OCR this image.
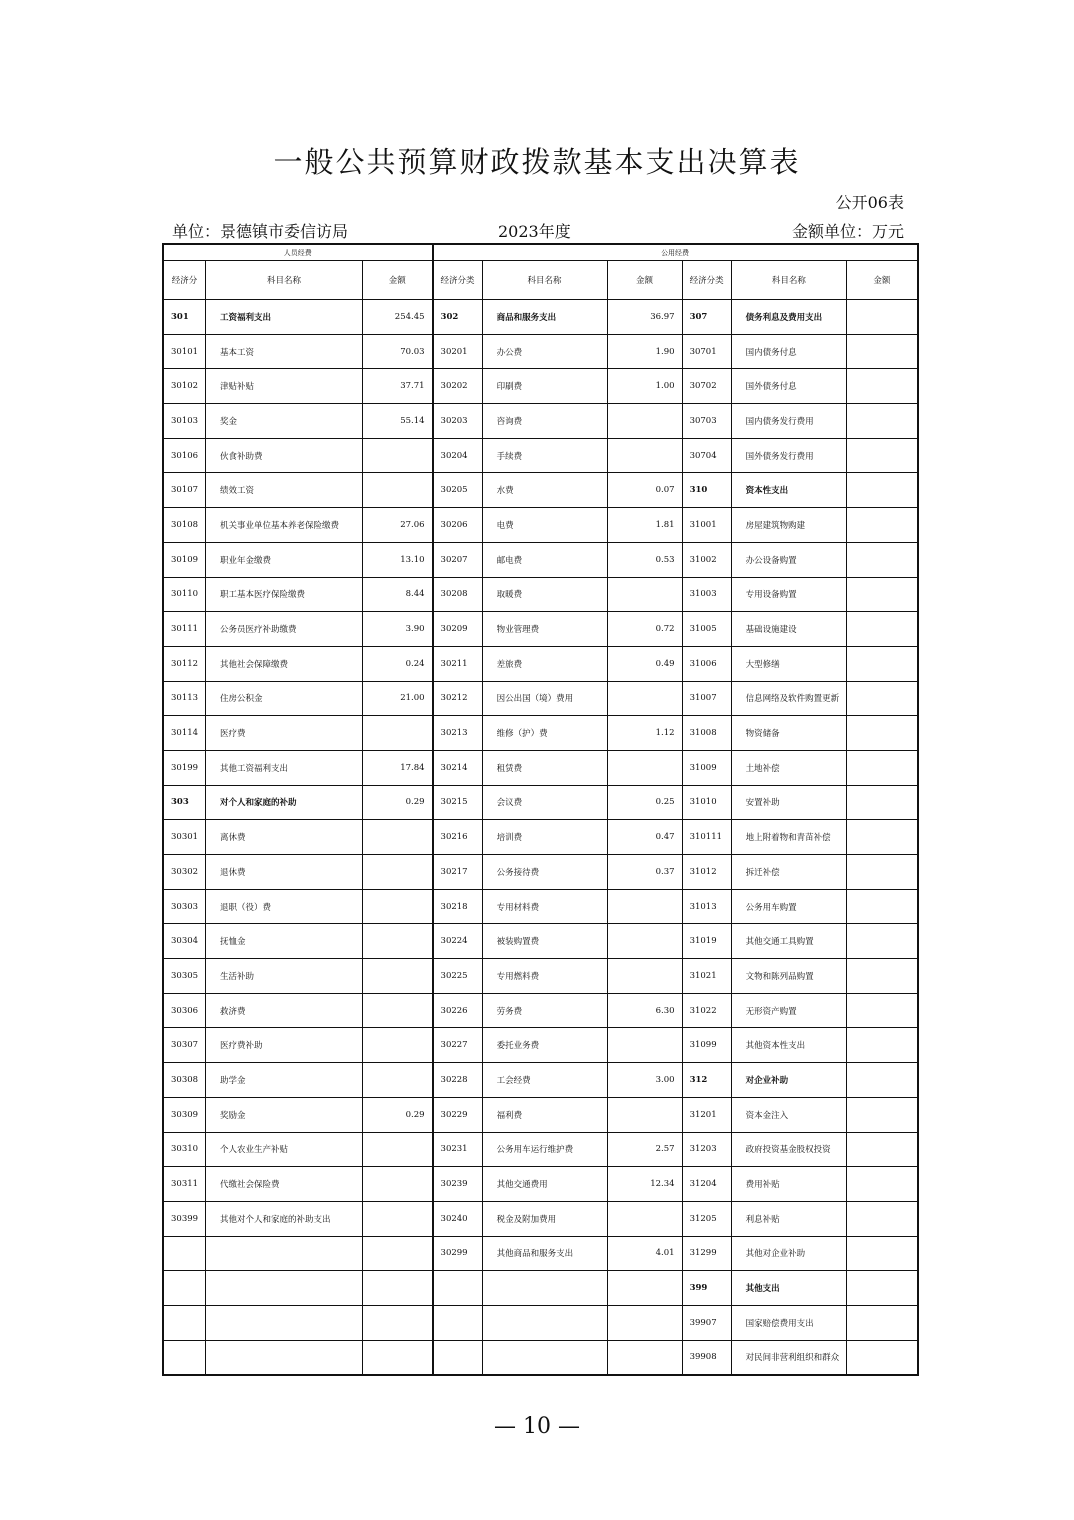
一般公共预算财政拨款基本支出决算表
公开06表
单位：景德镇市委信访局	2023年度	金额单位：万元
人员经费			公用经费					
经济分	科目名称	金额	经济分类	科目名称	金额	经济分类	科目名称	金额
301	工资福利支出	254.45	302	商品和服务支出	36.97	307	债务利息及费用支出	
30101	基本工资	70.03	30201	办公费	1.90	30701	国内债务付息	
30102	津贴补贴	37.71	30202	印刷费	1.00	30702	国外债务付息	
30103	奖金	55.14	30203	咨询费		30703	国内债务发行费用	
30106	伙食补助费		30204	手续费		30704	国外债务发行费用	
30107	绩效工资		30205	水费	0.07	310	资本性支出	
30108	机关事业单位基本养老保险缴费	27.06	30206	电费	1.81	31001	房屋建筑物购建	
30109	职业年金缴费	13.10	30207	邮电费	0.53	31002	办公设备购置	
30110	职工基本医疗保险缴费	8.44	30208	取暖费		31003	专用设备购置	
30111	公务员医疗补助缴费	3.90	30209	物业管理费	0.72	31005	基础设施建设	
30112	其他社会保障缴费	0.24	30211	差旅费	0.49	31006	大型修缮	
30113	住房公积金	21.00	30212	因公出国（境）费用		31007	信息网络及软件购置更新	
30114	医疗费		30213	维修（护）费	1.12	31008	物资储备	
30199	其他工资福利支出	17.84	30214	租赁费		31009	土地补偿	
303	对个人和家庭的补助	0.29	30215	会议费	0.25	31010	安置补助	
30301	离休费		30216	培训费	0.47	310111	地上附着物和青苗补偿	
30302	退休费		30217	公务接待费	0.37	31012	拆迁补偿	
30303	退职（役）费		30218	专用材料费		31013	公务用车购置	
30304	抚恤金		30224	被装购置费		31019	其他交通工具购置	
30305	生活补助		30225	专用燃料费		31021	文物和陈列品购置	
30306	救济费		30226	劳务费	6.30	31022	无形资产购置	
30307	医疗费补助		30227	委托业务费		31099	其他资本性支出	
30308	助学金		30228	工会经费	3.00	312	对企业补助	
30309	奖励金	0.29	30229	福利费		31201	资本金注入	
30310	个人农业生产补贴		30231	公务用车运行维护费	2.57	31203	政府投资基金股权投资	
30311	代缴社会保险费		30239	其他交通费用	12.34	31204	费用补贴	
30399	其他对个人和家庭的补助支出		30240	税金及附加费用		31205	利息补贴	
			30299	其他商品和服务支出	4.01	31299	其他对企业补助	
						399	其他支出	
						39907	国家赔偿费用支出	
						39908	对民间非营利组织和群众	
— 10 —
